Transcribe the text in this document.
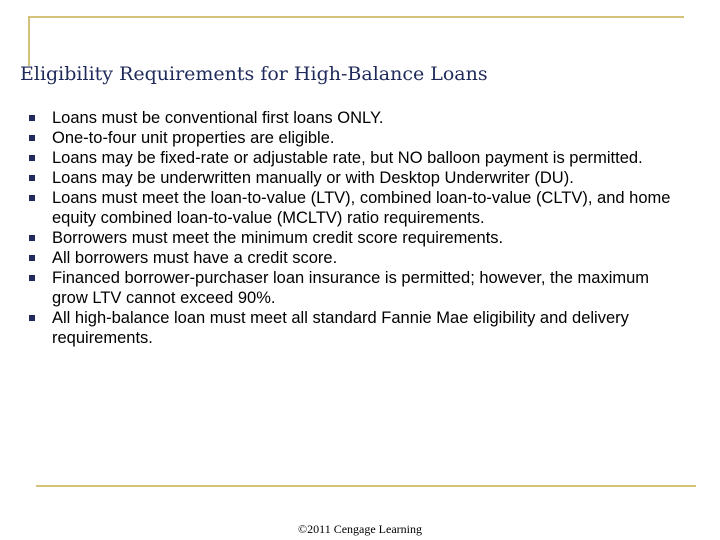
Eligibility Requirements for High-Balance Loans
Loans must be conventional first loans ONLY.
One-to-four unit properties are eligible.
Loans may be fixed-rate or adjustable rate, but NO balloon payment is permitted.
Loans may be underwritten manually or with Desktop Underwriter (DU).
Loans must meet the loan-to-value (LTV), combined loan-to-value (CLTV), and home equity combined loan-to-value (MCLTV) ratio requirements.
Borrowers must meet the minimum credit score requirements.
All borrowers must have a credit score.
Financed borrower-purchaser loan insurance is permitted; however, the maximum grow LTV cannot exceed 90%.
All high-balance loan must meet all standard Fannie Mae eligibility and delivery requirements.
©2011 Cengage Learning
